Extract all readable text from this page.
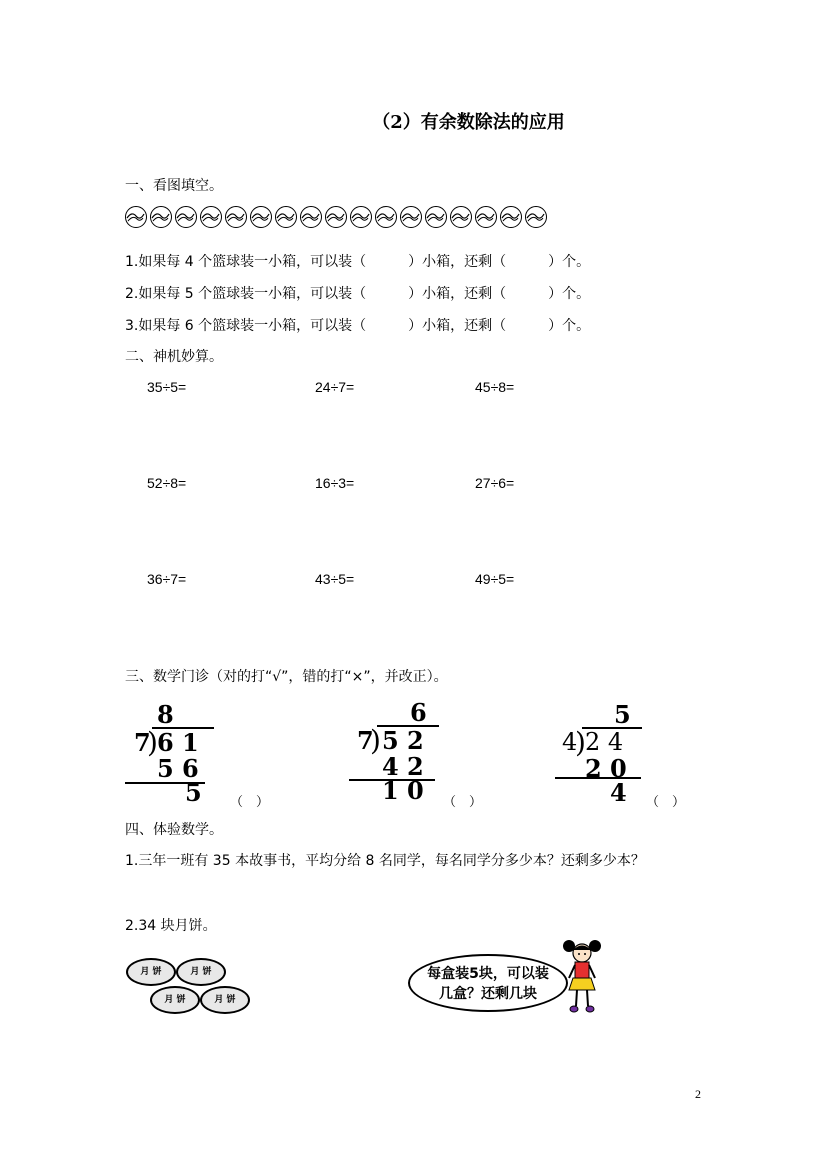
（2）有余数除法的应用
一、看图填空。
1.如果每 4 个篮球装一小箱，可以装（　　　）小箱，还剩（　　　）个。
2.如果每 5 个篮球装一小箱，可以装（　　　）小箱，还剩（　　　）个。
3.如果每 6 个篮球装一小箱，可以装（　　　）小箱，还剩（　　　）个。
二、神机妙算。
35÷5=	24÷7=	45÷8=
52÷8=	16÷3=	27÷6=
36÷7=	43÷5=	49÷5=
三、数学门诊（对的打“√”，错的打“×”，并改正）。
8
7
) 6 1
5 6
5 （　）
6
7
) 5 2
4 2
1 0 （　）
5
4
) 2 4
2 0
4 （　）
四、体验数学。
1.三年一班有 35 本故事书，平均分给 8 名同学，每名同学分多少本？还剩多少本？
2.34 块月饼。
月 饼	月 饼
月 饼	月 饼
每盒装5块，可以装
几盒？还剩几块
2
